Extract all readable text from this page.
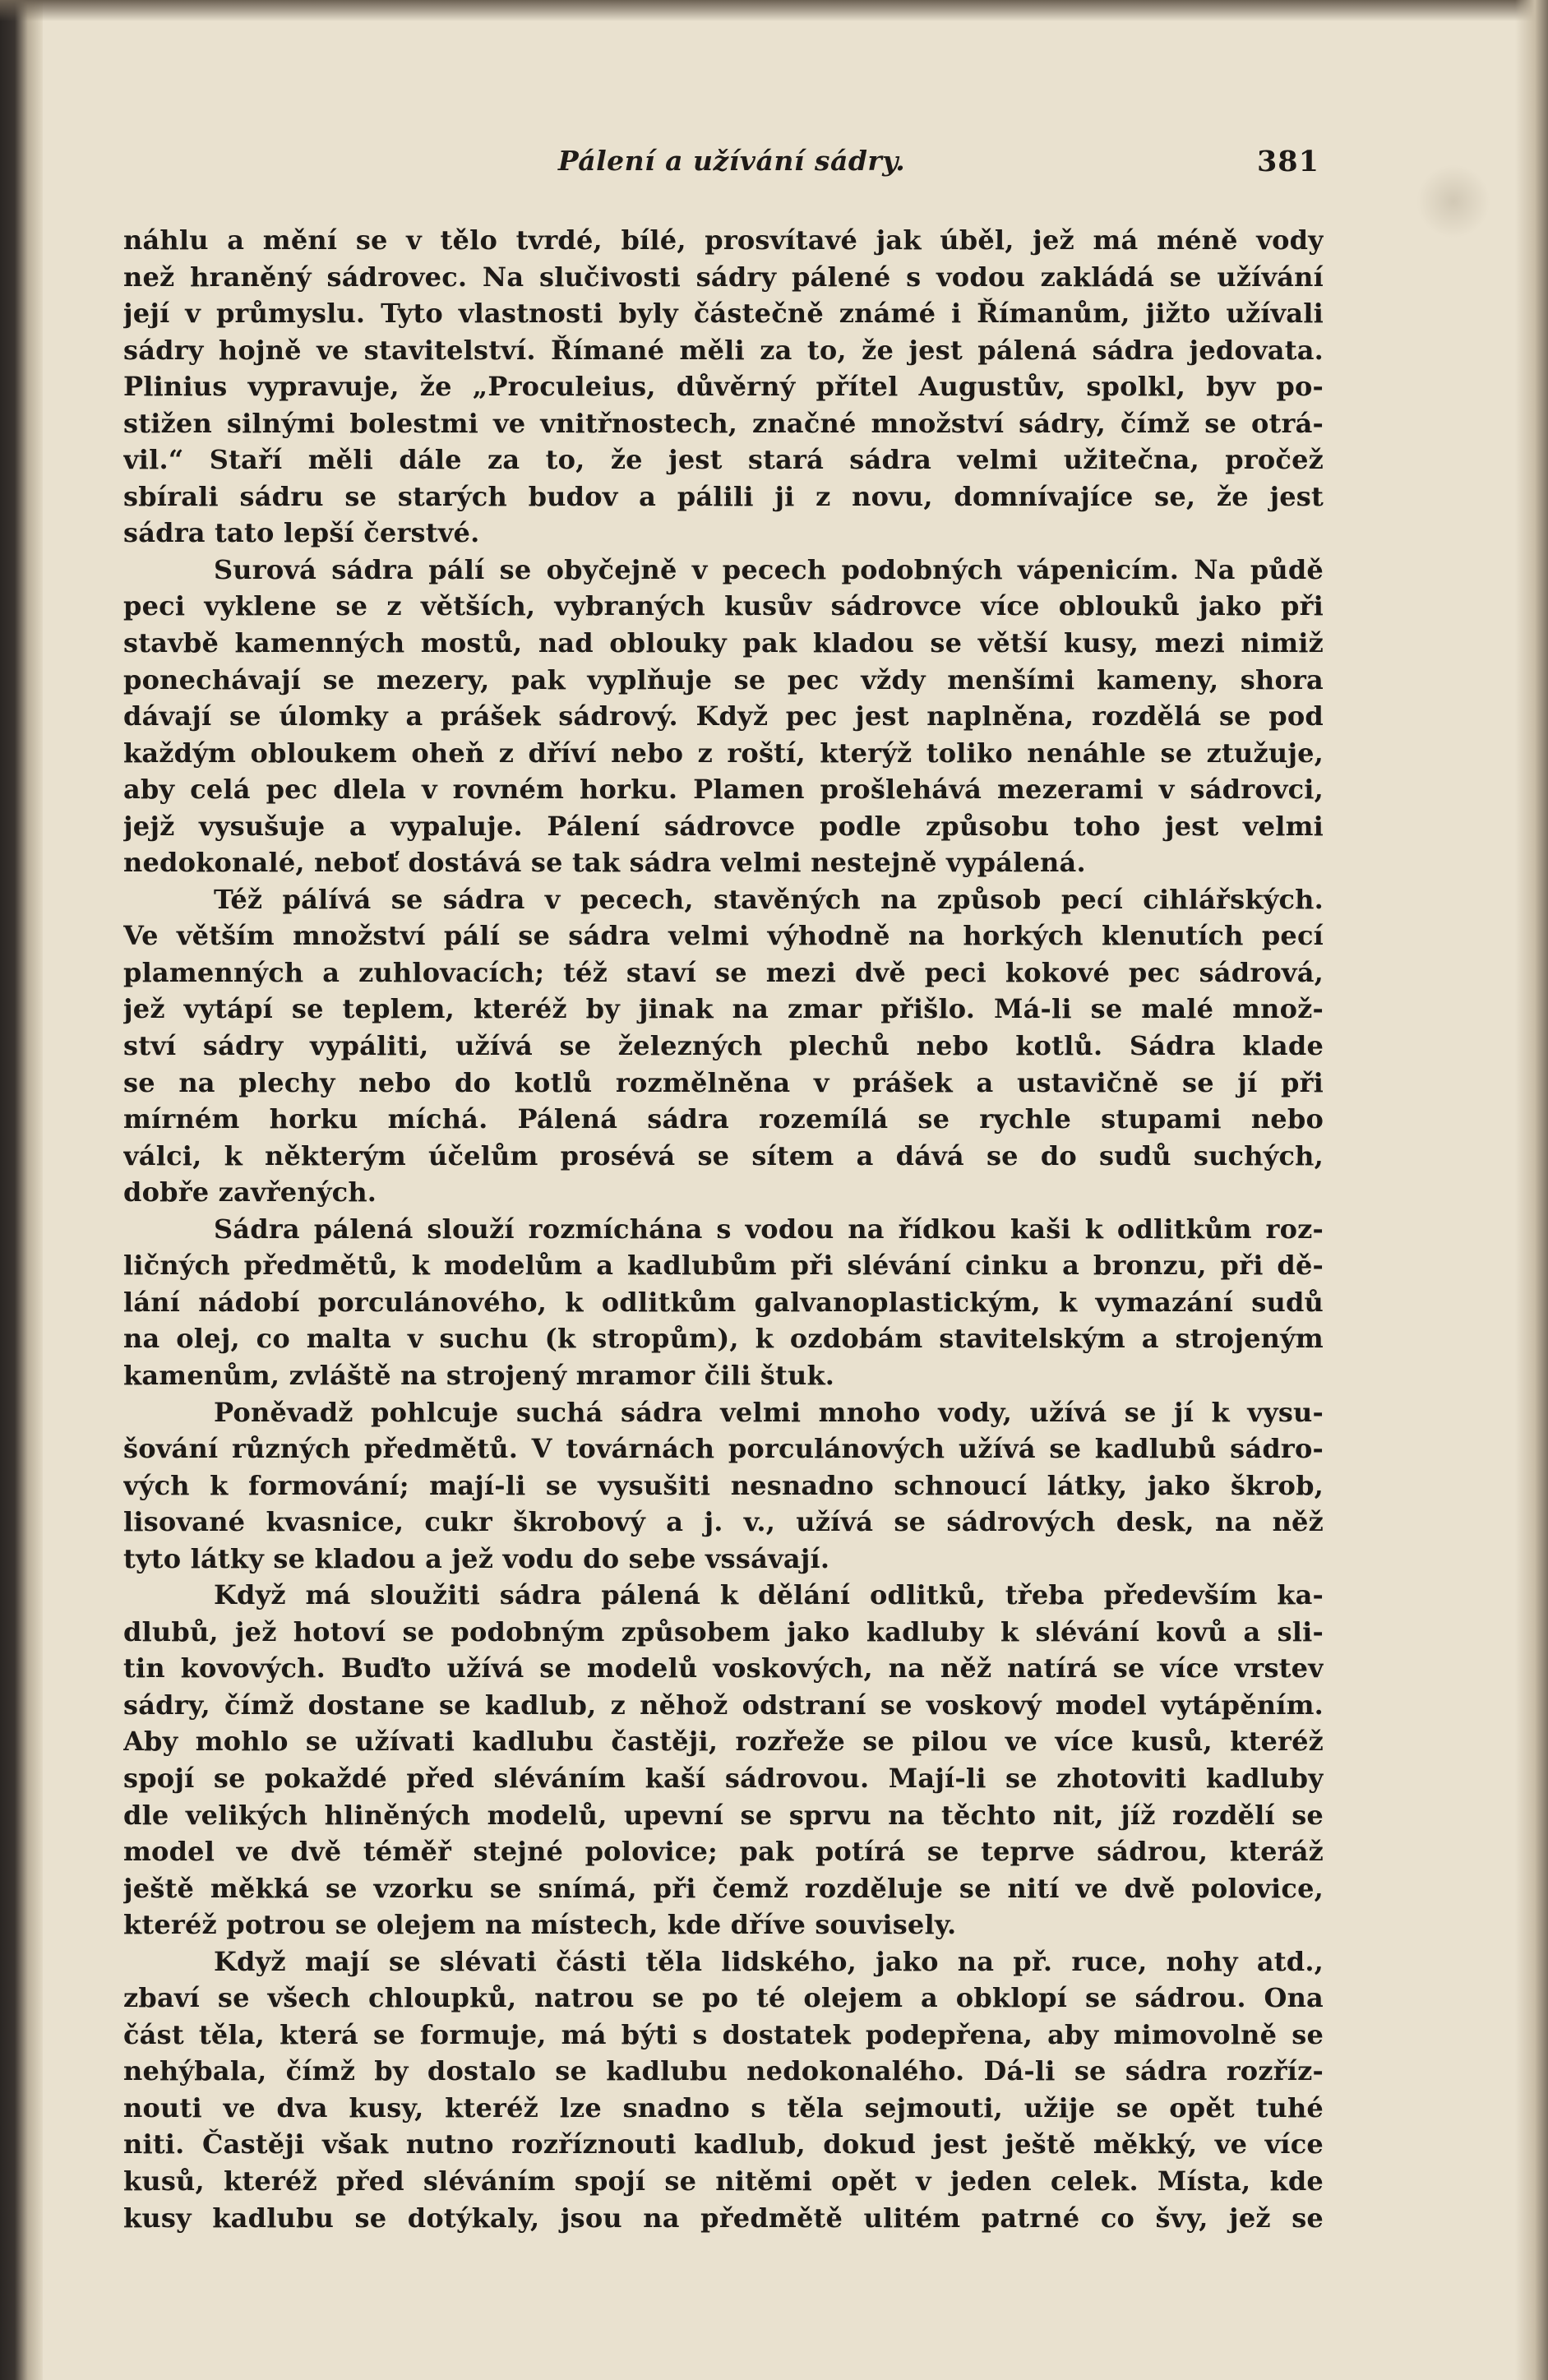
Pálení a užívání sádry.	381
náhlu a mění se v tělo tvrdé, bílé, prosvítavé jak úběl, jež má méně vody
než hraněný sádrovec. Na slučivosti sádry pálené s vodou zakládá se užívání
její v průmyslu. Tyto vlastnosti byly částečně známé i Římanům, jižto užívali
sádry hojně ve stavitelství. Římané měli za to, že jest pálená sádra jedovata.
Plinius vypravuje, že „Proculeius, důvěrný přítel Augustův, spolkl, byv po-
stižen silnými bolestmi ve vnitřnostech, značné množství sádry, čímž se otrá-
vil.“ Staří měli dále za to, že jest stará sádra velmi užitečna, pročež
sbírali sádru se starých budov a pálili ji z novu, domnívajíce se, že jest
sádra tato lepší čerstvé.
Surová sádra pálí se obyčejně v pecech podobných vápenicím. Na půdě
peci vyklene se z větších, vybraných kusův sádrovce více oblouků jako při
stavbě kamenných mostů, nad oblouky pak kladou se větší kusy, mezi nimiž
ponechávají se mezery, pak vyplňuje se pec vždy menšími kameny, shora
dávají se úlomky a prášek sádrový. Když pec jest naplněna, rozdělá se pod
každým obloukem oheň z dříví nebo z roští, kterýž toliko nenáhle se ztužuje,
aby celá pec dlela v rovném horku. Plamen prošlehává mezerami v sádrovci,
jejž vysušuje a vypaluje. Pálení sádrovce podle způsobu toho jest velmi
nedokonalé, neboť dostává se tak sádra velmi nestejně vypálená.
Též pálívá se sádra v pecech, stavěných na způsob pecí cihlářských.
Ve větším množství pálí se sádra velmi výhodně na horkých klenutích pecí
plamenných a zuhlovacích; též staví se mezi dvě peci kokové pec sádrová,
jež vytápí se teplem, kteréž by jinak na zmar přišlo. Má-li se malé množ-
ství sádry vypáliti, užívá se železných plechů nebo kotlů. Sádra klade
se na plechy nebo do kotlů rozmělněna v prášek a ustavičně se jí při
mírném horku míchá. Pálená sádra rozemílá se rychle stupami nebo
válci, k některým účelům prosévá se sítem a dává se do sudů suchých,
dobře zavřených.
Sádra pálená slouží rozmíchána s vodou na řídkou kaši k odlitkům roz-
ličných předmětů, k modelům a kadlubům při slévání cinku a bronzu, při dě-
lání nádobí porculánového, k odlitkům galvanoplastickým, k vymazání sudů
na olej, co malta v suchu (k stropům), k ozdobám stavitelským a strojeným
kamenům, zvláště na strojený mramor čili štuk.
Poněvadž pohlcuje suchá sádra velmi mnoho vody, užívá se jí k vysu-
šování různých předmětů. V továrnách porculánových užívá se kadlubů sádro-
vých k formování; mají-li se vysušiti nesnadno schnoucí látky, jako škrob,
lisované kvasnice, cukr škrobový a j. v., užívá se sádrových desk, na něž
tyto látky se kladou a jež vodu do sebe vssávají.
Když má sloužiti sádra pálená k dělání odlitků, třeba především ka-
dlubů, jež hotoví se podobným způsobem jako kadluby k slévání kovů a sli-
tin kovových. Buďto užívá se modelů voskových, na něž natírá se více vrstev
sádry, čímž dostane se kadlub, z něhož odstraní se voskový model vytápěním.
Aby mohlo se užívati kadlubu častěji, rozřeže se pilou ve více kusů, kteréž
spojí se pokaždé před sléváním kaší sádrovou. Mají-li se zhotoviti kadluby
dle velikých hliněných modelů, upevní se sprvu na těchto nit, jíž rozdělí se
model ve dvě téměř stejné polovice; pak potírá se teprve sádrou, kteráž
ještě měkká se vzorku se snímá, při čemž rozděluje se nití ve dvě polovice,
kteréž potrou se olejem na místech, kde dříve souvisely.
Když mají se slévati části těla lidského, jako na př. ruce, nohy atd.,
zbaví se všech chloupků, natrou se po té olejem a obklopí se sádrou. Ona
část těla, která se formuje, má býti s dostatek podepřena, aby mimovolně se
nehýbala, čímž by dostalo se kadlubu nedokonalého. Dá-li se sádra rozříz-
nouti ve dva kusy, kteréž lze snadno s těla sejmouti, užije se opět tuhé
niti. Častěji však nutno rozříznouti kadlub, dokud jest ještě měkký, ve více
kusů, kteréž před sléváním spojí se nitěmi opět v jeden celek. Místa, kde
kusy kadlubu se dotýkaly, jsou na předmětě ulitém patrné co švy, jež se
